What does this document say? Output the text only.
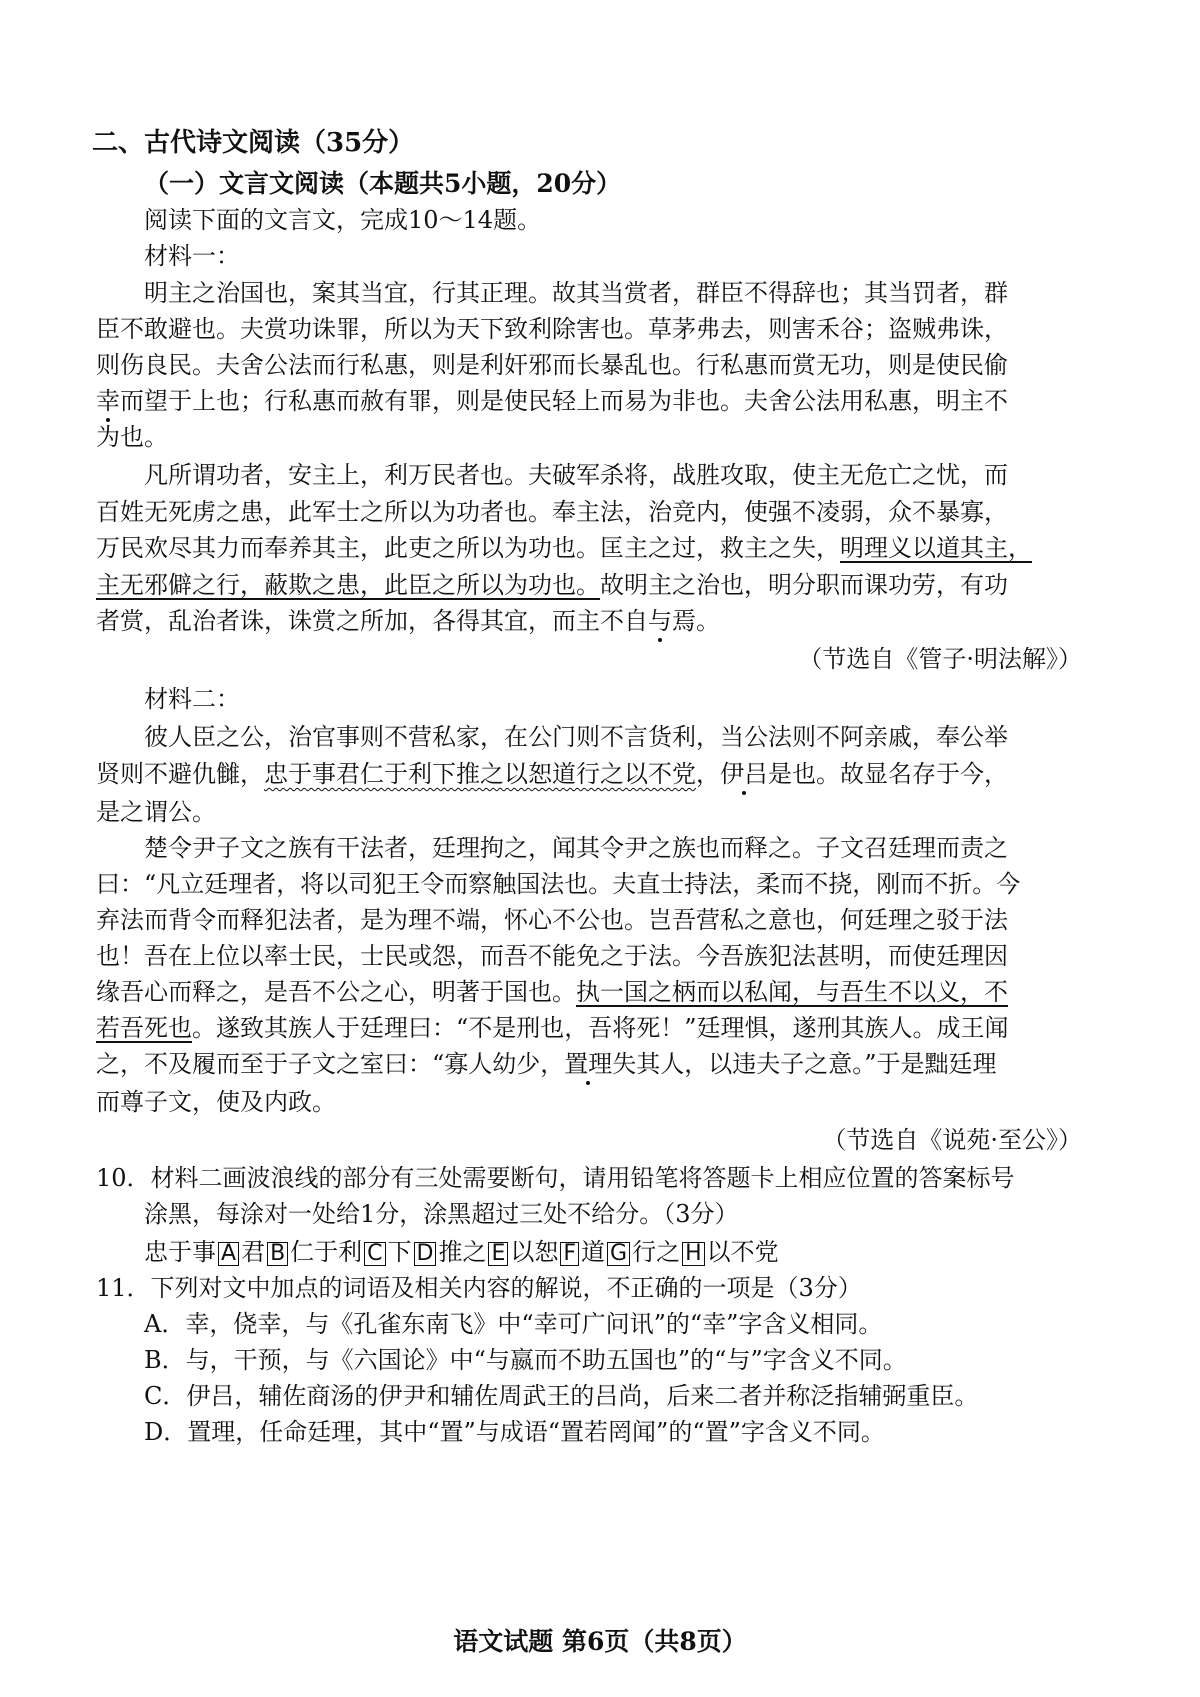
二、古代诗文阅读（35分）
（一）文言文阅读（本题共5小题，20分）
阅读下面的文言文，完成10～14题。
材料一：
明主之治国也，案其当宜，行其正理。故其当赏者，群臣不得辞也；其当罚者，群
臣不敢避也。夫赏功诛罪，所以为天下致利除害也。草茅弗去，则害禾谷；盗贼弗诛，
则伤良民。夫舍公法而行私惠，则是利奸邪而长暴乱也。行私惠而赏无功，则是使民偷
幸而望于上也；行私惠而赦有罪，则是使民轻上而易为非也。夫舍公法用私惠，明主不
为也。
凡所谓功者，安主上，利万民者也。夫破军杀将，战胜攻取，使主无危亡之忧，而
百姓无死虏之患，此军士之所以为功者也。奉主法，治竞内，使强不凌弱，众不暴寡，
万民欢尽其力而奉养其主，此吏之所以为功也。匡主之过，救主之失，明理义以道其主，
主无邪僻之行，蔽欺之患，此臣之所以为功也。故明主之治也，明分职而课功劳，有功
者赏，乱治者诛，诛赏之所加，各得其宜，而主不自与焉。
（节选自《管子·明法解》）
材料二：
彼人臣之公，治官事则不营私家，在公门则不言货利，当公法则不阿亲戚，奉公举
贤则不避仇雠，忠于事君仁于利下推之以恕道行之以不党，伊吕是也。故显名存于今，
是之谓公。
楚令尹子文之族有干法者，廷理拘之，闻其令尹之族也而释之。子文召廷理而责之
曰：“凡立廷理者，将以司犯王令而察触国法也。夫直士持法，柔而不挠，刚而不折。今
弃法而背令而释犯法者，是为理不端，怀心不公也。岂吾营私之意也，何廷理之驳于法
也！吾在上位以率士民，士民或怨，而吾不能免之于法。今吾族犯法甚明，而使廷理因
缘吾心而释之，是吾不公之心，明著于国也。执一国之柄而以私闻，与吾生不以义，不
若吾死也。遂致其族人于廷理曰：“不是刑也，吾将死！”廷理惧，遂刑其族人。成王闻
之，不及履而至于子文之室曰：“寡人幼少，置理失其人，以违夫子之意。”于是黜廷理
而尊子文，使及内政。
（节选自《说苑·至公》）
10．材料二画波浪线的部分有三处需要断句，请用铅笔将答题卡上相应位置的答案标号
涂黑，每涂对一处给1分，涂黑超过三处不给分。（3分）
忠于事 A 君 B 仁于利 C 下 D 推之 E 以恕 F 道 G 行之 H 以不党
11．下列对文中加点的词语及相关内容的解说，不正确的一项是（3分）
A．幸，侥幸，与《孔雀东南飞》中“幸可广问讯”的“幸”字含义相同。
B．与，干预，与《六国论》中“与嬴而不助五国也”的“与”字含义不同。
C．伊吕，辅佐商汤的伊尹和辅佐周武王的吕尚，后来二者并称泛指辅弼重臣。
D．置理，任命廷理，其中“置”与成语“置若罔闻”的“置”字含义不同。
语文试题 第6页（共8页）
